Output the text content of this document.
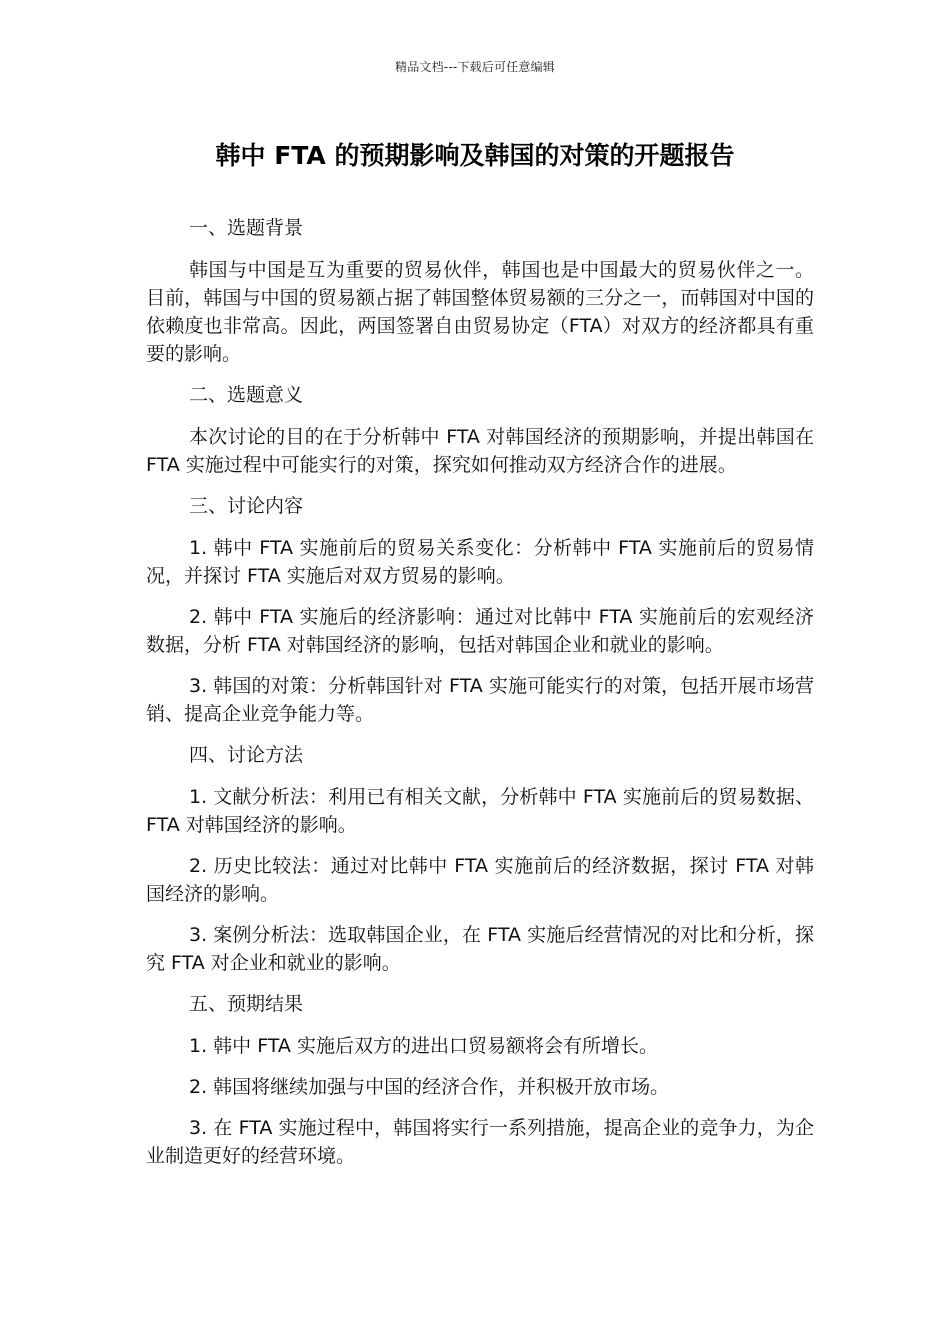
精品文档---下载后可任意编辑
韩中 FTA 的预期影响及韩国的对策的开题报告

一、选题背景

韩国与中国是互为重要的贸易伙伴，韩国也是中国最大的贸易伙伴之一。目前，韩国与中国的贸易额占据了韩国整体贸易额的三分之一，而韩国对中国的依赖度也非常高。因此，两国签署自由贸易协定（FTA）对双方的经济都具有重要的影响。

二、选题意义

本次讨论的目的在于分析韩中 FTA 对韩国经济的预期影响，并提出韩国在 FTA 实施过程中可能实行的对策，探究如何推动双方经济合作的进展。

三、讨论内容

1. 韩中 FTA 实施前后的贸易关系变化：分析韩中 FTA 实施前后的贸易情况，并探讨 FTA 实施后对双方贸易的影响。

2. 韩中 FTA 实施后的经济影响：通过对比韩中 FTA 实施前后的宏观经济数据，分析 FTA 对韩国经济的影响，包括对韩国企业和就业的影响。

3. 韩国的对策：分析韩国针对 FTA 实施可能实行的对策，包括开展市场营销、提高企业竞争能力等。

四、讨论方法

1. 文献分析法：利用已有相关文献，分析韩中 FTA 实施前后的贸易数据、FTA 对韩国经济的影响。

2. 历史比较法：通过对比韩中 FTA 实施前后的经济数据，探讨 FTA 对韩国经济的影响。

3. 案例分析法：选取韩国企业，在 FTA 实施后经营情况的对比和分析，探究 FTA 对企业和就业的影响。

五、预期结果

1. 韩中 FTA 实施后双方的进出口贸易额将会有所增长。

2. 韩国将继续加强与中国的经济合作，并积极开放市场。

3. 在 FTA 实施过程中，韩国将实行一系列措施，提高企业的竞争力，为企业制造更好的经营环境。
